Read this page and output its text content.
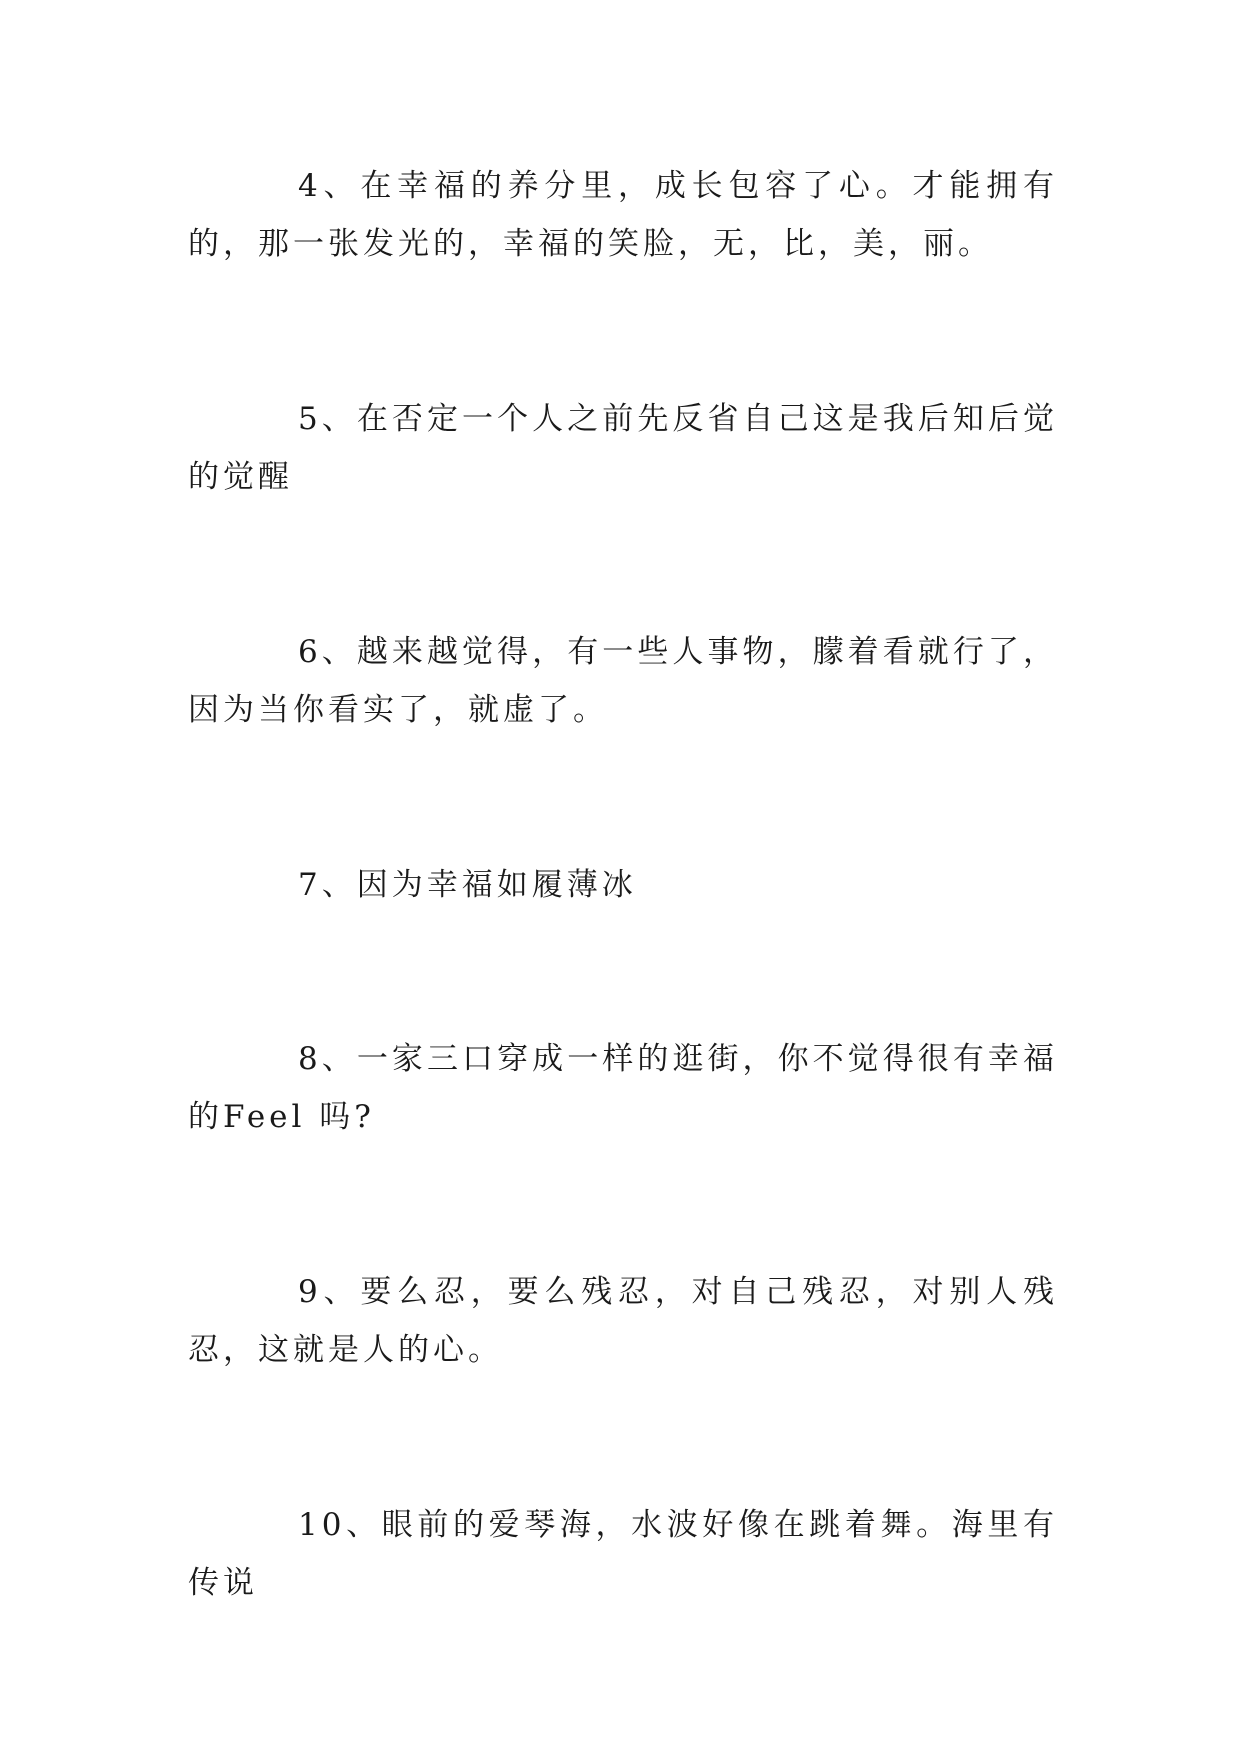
4、在幸福的养分里，成长包容了心。才能拥有的，那一张发光的，幸福的笑脸，无，比，美，丽。

5、在否定一个人之前先反省自己这是我后知后觉的觉醒

6、越来越觉得，有一些人事物，朦着看就行了，因为当你看实了，就虚了。

7、因为幸福如履薄冰

8、一家三口穿成一样的逛街，你不觉得很有幸福的Feel 吗?

9、要么忍，要么残忍，对自己残忍，对别人残忍，这就是人的心。

10、眼前的爱琴海，水波好像在跳着舞。海里有传说
